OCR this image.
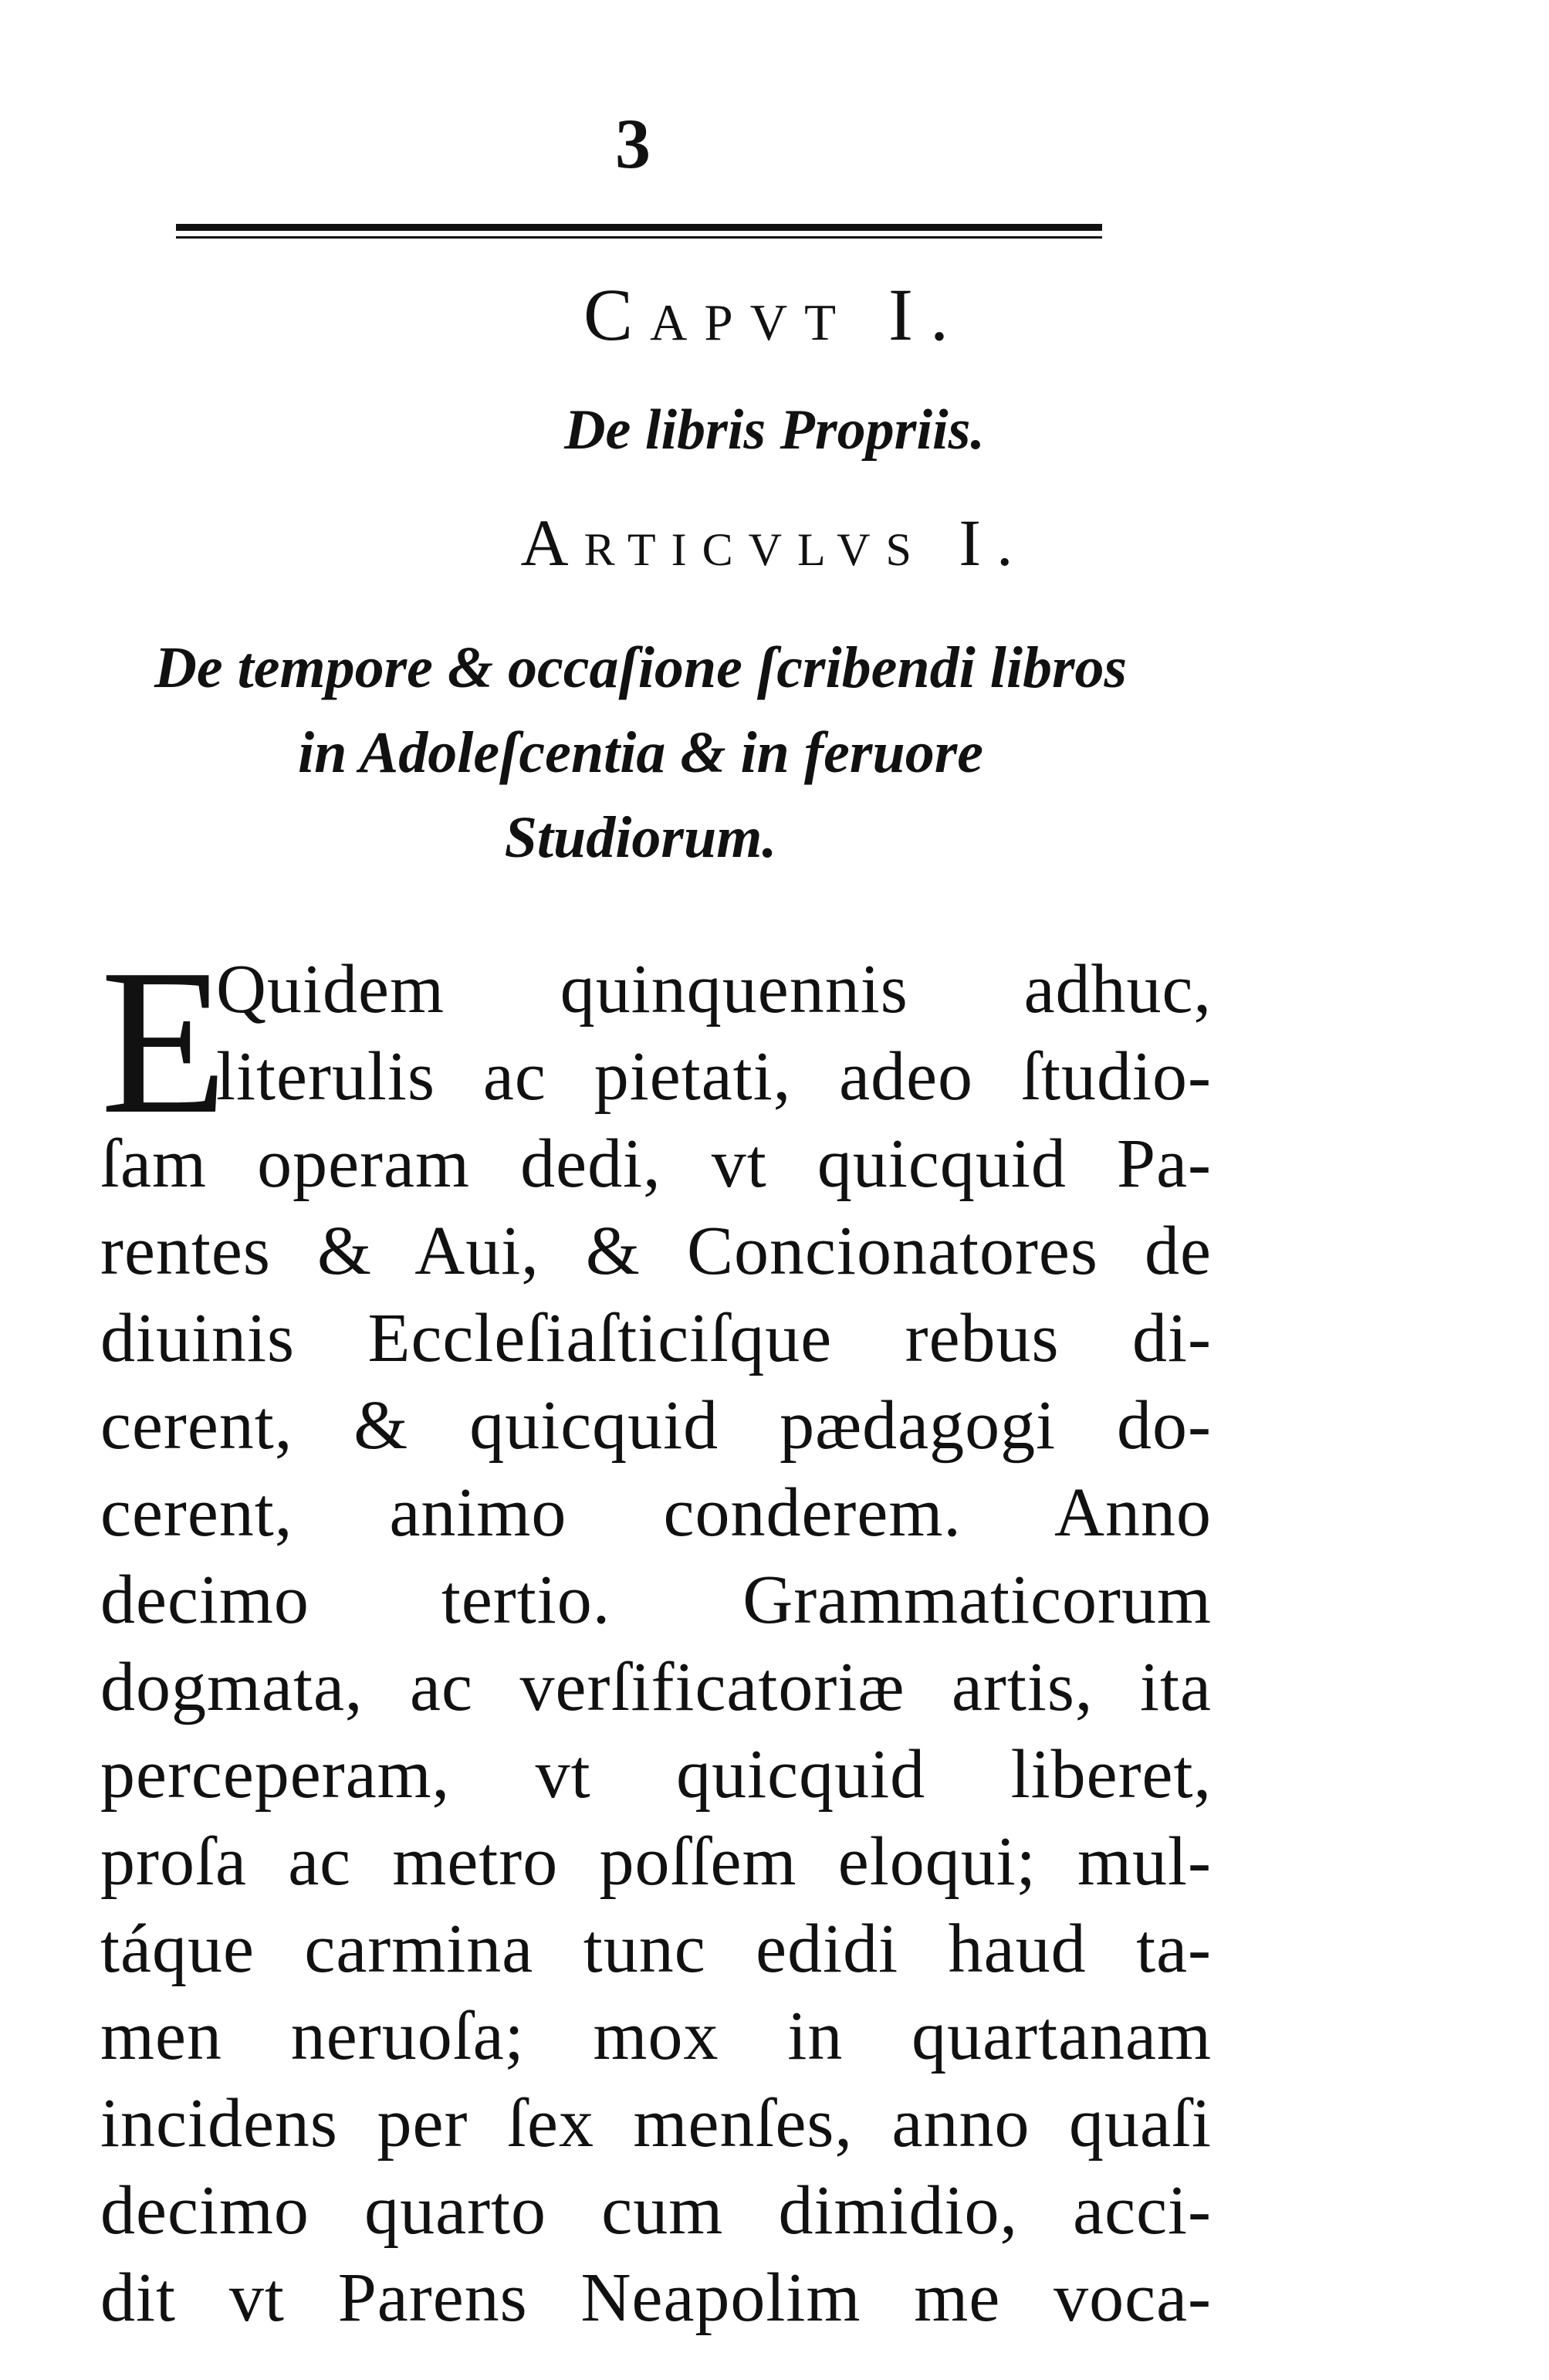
3
Capvt I.
De libris Propriis.
Articvlvs I.
De tempore & occaſione ſcribendi libros
in Adoleſcentia & in feruore
Studiorum.
E
Quidem quinquennis adhuc,
literulis ac pietati, adeo ſtudio-
ſam operam dedi, vt quicquid Pa-
rentes & Aui, & Concionatores de
diuinis Eccleſiaſticiſque rebus di-
cerent, & quicquid pædagogi do-
cerent, animo conderem. Anno
decimo tertio. Grammaticorum
dogmata, ac verſificatoriæ artis, ita
perceperam, vt quicquid liberet,
proſa ac metro poſſem eloqui; mul-
táque carmina tunc edidi haud ta-
men neruoſa; mox in quartanam
incidens per ſex menſes, anno quaſi
decimo quarto cum dimidio, acci-
dit vt Parens Neapolim me voca-
